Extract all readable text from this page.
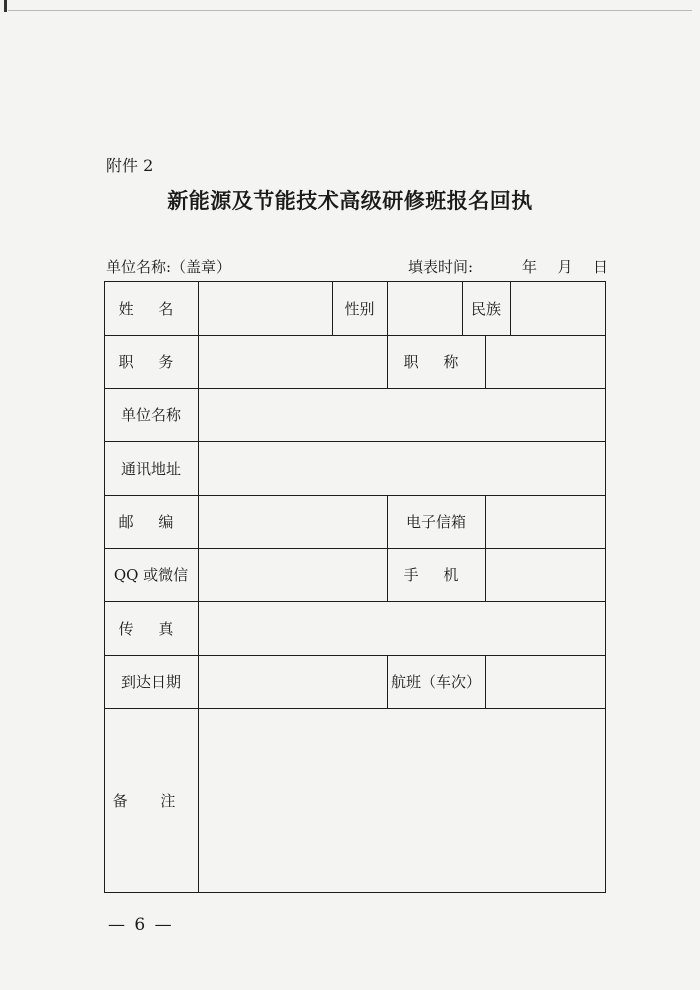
附件 2
新能源及节能技术高级研修班报名回执
单位名称:（盖章）	填表时间:	年 月 日
姓 名	性别	民族
职 务	职 称
单位名称
通讯地址
邮 编	电子信箱
QQ 或微信	手 机
传 真
到达日期	航班（车次）
备 注
— 6 —
